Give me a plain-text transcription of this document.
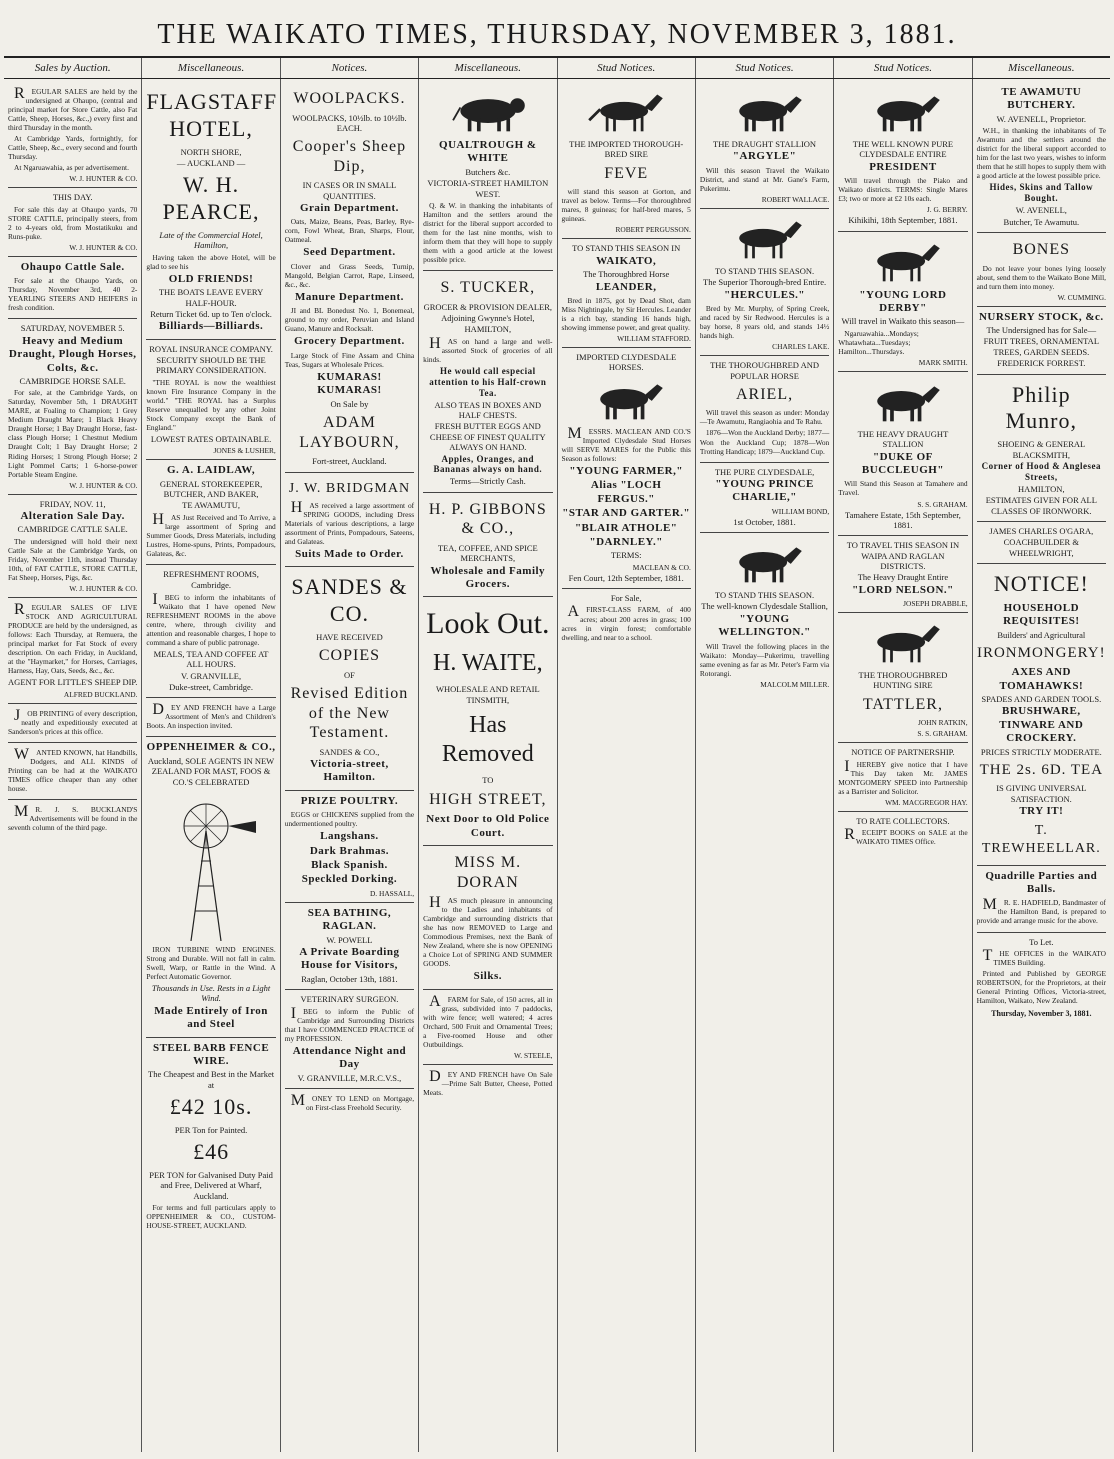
THE WAIKATO TIMES, THURSDAY, NOVEMBER 3, 1881.
Sales by Auction.	Miscellaneous.	Notices.	Miscellaneous.	Stud Notices.	Stud Notices.	Stud Notices.	Miscellaneous.

REGULAR SALES are held by the undersigned at Ohaupo, (central and principal market for Store Cattle, also Fat Cattle, Sheep, Horses, &c.,) every first and third Thursday in the month.

At Cambridge Yards, fortnightly, for Cattle, Sheep, &c., every second and fourth Thursday.

At Ngaruawahia, as per advertisement.

W. J. HUNTER & CO.
THIS DAY.

For sale this day at Ohaupo yards, 70 STORE CATTLE, principally steers, from 2 to 4-years old, from Mostatikuku and Runs-puke.

W. J. HUNTER & CO.
Ohaupo Cattle Sale.

For sale at the Ohaupo Yards, on Thursday, November 3rd, 40 2-YEARLING STEERS AND HEIFERS in fresh condition.

SATURDAY, NOVEMBER 5.
Heavy and Medium Draught, Plough Horses, Colts, &c.
CAMBRIDGE HORSE SALE.

For sale, at the Cambridge Yards, on Saturday, November 5th, 1 DRAUGHT MARE, at Foaling to Champion; 1 Grey Medium Draught Mare; 1 Black Heavy Draught Horse; 1 Bay Draught Horse, fast-class Plough Horse; 1 Chestnut Medium Draught Colt; 1 Bay Draught Horse; 2 Riding Horses; 1 Strong Plough Horse; 2 Light Pommel Carts; 1 6-horse-power Portable Steam Engine.

W. J. HUNTER & CO.
FRIDAY, NOV. 11,
Alteration Sale Day.
CAMBRIDGE CATTLE SALE.

The undersigned will hold their next Cattle Sale at the Cambridge Yards, on Friday, November 11th, instead Thursday 10th, of FAT CATTLE, STORE CATTLE, Fat Sheep, Horses, Pigs, &c.

W. J. HUNTER & CO.

REGULAR SALES OF LIVE STOCK AND AGRICULTURAL PRODUCE are held by the undersigned, as follows: Each Thursday, at Remuera, the principal market for Fat Stock of every description. On each Friday, in Auckland, at the "Haymarket," for Horses, Carriages, Harness, Hay, Oats, Seeds, &c., &c.

AGENT FOR LITTLE'S SHEEP DIP.
ALFRED BUCKLAND.

JOB PRINTING of every description, neatly and expeditiously executed at Sanderson's prices at this office.

WANTED KNOWN, hat Handbills, Dodgers, and ALL KINDS of Printing can be had at the WAIKATO TIMES office cheaper than any other house.

MR. J. S. BUCKLAND'S Advertisements will be found in the seventh column of the third page.

FLAGSTAFF HOTEL,
NORTH SHORE,
— AUCKLAND —
W. H. PEARCE,
Late of the Commercial Hotel, Hamilton,

Having taken the above Hotel, will be glad to see his

OLD FRIENDS!
THE BOATS LEAVE EVERY HALF-HOUR.
Return Ticket 6d. up to Ten o'clock.
Billiards—Billiards.
ROYAL INSURANCE COMPANY.
SECURITY SHOULD BE THE PRIMARY CONSIDERATION.

"THE ROYAL is now the wealthiest known Fire Insurance Company in the world." "THE ROYAL has a Surplus Reserve unequalled by any other Joint Stock Company except the Bank of England."

LOWEST RATES OBTAINABLE.
JONES & LUSHER,
G. A. LAIDLAW,
GENERAL STOREKEEPER, BUTCHER, AND BAKER,
TE AWAMUTU,

HAS Just Received and To Arrive, a large assortment of Spring and Summer Goods, Dress Materials, including Lustres, Home-spuns, Prints, Pompadours, Galateas, &c.

REFRESHMENT ROOMS,
Cambridge.

IBEG to inform the inhabitants of Waikato that I have opened New REFRESHMENT ROOMS in the above centre, where, through civility and attention and reasonable charges, I hope to command a share of public patronage.

MEALS, TEA AND COFFEE AT ALL HOURS.
V. GRANVILLE,
Duke-street, Cambridge.

DEY AND FRENCH have a Large Assortment of Men's and Children's Boots. An inspection invited.

OPPENHEIMER & CO.,
Auckland, SOLE AGENTS IN NEW ZEALAND FOR MAST, FOOS & CO.'S CELEBRATED

IRON TURBINE WIND ENGINES. Strong and Durable. Will not fall in calm. Swell, Warp, or Rattle in the Wind. A Perfect Automatic Governor.

Thousands in Use. Rests in a Light Wind.
Made Entirely of Iron and Steel
STEEL BARB FENCE WIRE.
The Cheapest and Best in the Market at
£42 10s.
PER Ton for Painted.
£46
PER TON for Galvanised Duty Paid and Free, Delivered at Wharf, Auckland.

For terms and full particulars apply to OPPENHEIMER & CO., CUSTOM-HOUSE-STREET, AUCKLAND.

WOOLPACKS.
WOOLPACKS, 10½lb. to 10½lb. EACH.
Cooper's Sheep Dip,
IN CASES OR IN SMALL QUANTITIES.
Grain Department.

Oats, Maize, Beans, Peas, Barley, Rye-corn, Fowl Wheat, Bran, Sharps, Flour, Oatmeal.

Seed Department.

Clover and Grass Seeds, Turnip, Mangold, Belgian Carrot, Rape, Linseed, &c., &c.

Manure Department.

JI and BL Bonedust No. 1, Bonemeal, ground to my order, Peruvian and Island Guano, Manure and Rocksalt.

Grocery Department.

Large Stock of Fine Assam and China Teas, Sugars at Wholesale Prices.

KUMARAS! KUMARAS!
On Sale by
ADAM LAYBOURN,
Fort-street, Auckland.
J. W. BRIDGMAN

HAS received a large assortment of SPRING GOODS, including Dress Materials of various descriptions, a large assortment of Prints, Pompadours, Sateens, and Galateas.

Suits Made to Order.
SANDES & CO.
HAVE RECEIVED
COPIES
OF
Revised Edition of the New Testament.
SANDES & CO.,
Victoria-street, Hamilton.
PRIZE POULTRY.

EGGS or CHICKENS supplied from the undermentioned poultry.

Langshans.
Dark Brahmas.
Black Spanish.
Speckled Dorking.
D. HASSALL,
SEA BATHING, RAGLAN.
W. POWELL
A Private Boarding House for Visitors,
Raglan, October 13th, 1881.
VETERINARY SURGEON.

IBEG to inform the Public of Cambridge and Surrounding Districts that I have COMMENCED PRACTICE of my PROFESSION.

Attendance Night and Day
V. GRANVILLE, M.R.C.V.S.,

MONEY TO LEND on Mortgage, on First-class Freehold Security.

QUALTROUGH & WHITE
Butchers &c.
VICTORIA-STREET HAMILTON WEST.

Q. & W. in thanking the inhabitants of Hamilton and the settlers around the district for the liberal support accorded to them for the last nine months, wish to inform them that they will hope to supply them with a good article at the lowest possible price.

S. TUCKER,
GROCER & PROVISION DEALER,
Adjoining Gwynne's Hotel,
HAMILTON,

HAS on hand a large and well-assorted Stock of groceries of all kinds.

He would call especial attention to his Half-crown Tea.
ALSO TEAS IN BOXES AND HALF CHESTS.
FRESH BUTTER EGGS AND CHEESE OF FINEST QUALITY ALWAYS ON HAND.
Apples, Oranges, and Bananas always on hand.
Terms—Strictly Cash.
H. P. GIBBONS & CO.,
TEA, COFFEE, AND SPICE MERCHANTS,
Wholesale and Family Grocers.
Look Out.
H. WAITE,
WHOLESALE AND RETAIL TINSMITH,
Has Removed
TO
HIGH STREET,
Next Door to Old Police Court.
MISS M. DORAN

HAS much pleasure in announcing to the Ladies and inhabitants of Cambridge and surrounding districts that she has now REMOVED to Large and Commodious Premises, next the Bank of New Zealand, where she is now OPENING a Choice Lot of SPRING AND SUMMER GOODS.

Silks.

AFARM for Sale, of 150 acres, all in grass, subdivided into 7 paddocks, with wire fence; well watered; 4 acres Orchard, 500 Fruit and Ornamental Trees; a Five-roomed House and other Outbuildings.

W. STEELE,

DEY AND FRENCH have On Sale—Prime Salt Butter, Cheese, Potted Meats.

THE IMPORTED THOROUGH-BRED SIRE
FEVE

will stand this season at Gorton, and travel as below. Terms—For thoroughbred mares, 8 guineas; for half-bred mares, 5 guineas.

ROBERT PERGUSSON.
TO STAND THIS SEASON IN
WAIKATO,
The Thoroughbred Horse
LEANDER,

Bred in 1875, got by Dead Shot, dam Miss Nightingale, by Sir Hercules. Leander is a rich bay, standing 16 hands high, showing immense power, and great quality.

WILLIAM STAFFORD.
IMPORTED CLYDESDALE HORSES.

MESSRS. MACLEAN AND CO.'S Imported Clydesdale Stud Horses will SERVE MARES for the Public this Season as follows:

"YOUNG FARMER,"
Alias "LOCH FERGUS."
"STAR AND GARTER."
"BLAIR ATHOLE"
"DARNLEY."
TERMS:
MACLEAN & CO.
Fen Court, 12th September, 1881.
For Sale,

AFIRST-CLASS FARM, of 400 acres; about 200 acres in grass; 100 acres in virgin forest; comfortable dwelling, and near to a school.

THE DRAUGHT STALLION
"ARGYLE"

Will this season Travel the Waikato District, and stand at Mr. Gane's Farm, Pukerimu.

ROBERT WALLACE.
TO STAND THIS SEASON.
The Superior Thorough-bred Entire.
"HERCULES."

Bred by Mr. Murphy, of Spring Creek, and raced by Sir Redwood. Hercules is a bay horse, 8 years old, and stands 14½ hands high.

CHARLES LAKE.
THE THOROUGHBRED AND POPULAR HORSE
ARIEL,

Will travel this season as under: Monday—Te Awamutu, Rangiaohia and Te Rahu.

1876—Won the Auckland Derby; 1877—Won the Auckland Cup; 1878—Won Trotting Handicap; 1879—Auckland Cup.

THE PURE CLYDESDALE,
"YOUNG PRINCE CHARLIE,"
WILLIAM BOND,
1st October, 1881.
TO STAND THIS SEASON.
The well-known Clydesdale Stallion,
"YOUNG WELLINGTON."

Will Travel the following places in the Waikato: Monday—Pukerimu, travelling same evening as far as Mr. Peter's Farm via Rotorangi.

MALCOLM MILLER.
THE WELL KNOWN PURE CLYDESDALE ENTIRE
PRESIDENT

Will travel through the Piako and Waikato districts. TERMS: Single Mares £3; two or more at £2 10s each.

J. G. BERRY.
Kihikihi, 18th September, 1881.
"YOUNG LORD DERBY"
Will travel in Waikato this season—

Ngaruawahia...Mondays; Whatawhata...Tuesdays; Hamilton...Thursdays.

MARK SMITH.
THE HEAVY DRAUGHT STALLION
"DUKE OF BUCCLEUGH"

Will Stand this Season at Tamahere and Travel.

S. S. GRAHAM.
Tamahere Estate, 15th September, 1881.
TO TRAVEL THIS SEASON IN WAIPA AND RAGLAN DISTRICTS.
The Heavy Draught Entire
"LORD NELSON."
JOSEPH DRABBLE,
THE THOROUGHBRED HUNTING SIRE
TATTLER,
JOHN RATKIN,
S. S. GRAHAM.
NOTICE OF PARTNERSHIP.

IHEREBY give notice that I have This Day taken Mr. JAMES MONTGOMERY SPEED into Partnership as a Barrister and Solicitor.

WM. MACGREGOR HAY.
TO RATE COLLECTORS.

RECEIPT BOOKS on SALE at the WAIKATO TIMES Office.

TE AWAMUTU BUTCHERY.
W. AVENELL, Proprietor.

W.H., in thanking the inhabitants of Te Awamutu and the settlers around the district for the liberal support accorded to him for the last two years, wishes to inform them that he still hopes to supply them with a good article at the lowest possible price.

Hides, Skins and Tallow Bought.
W. AVENELL,
Butcher, Te Awamutu.
BONES

Do not leave your bones lying loosely about, send them to the Waikato Bone Mill, and turn them into money.

W. CUMMING.
NURSERY STOCK, &c.
The Undersigned has for Sale—
FRUIT TREES, ORNAMENTAL TREES, GARDEN SEEDS.
FREDERICK FORREST.
Philip Munro,
SHOEING & GENERAL BLACKSMITH,
Corner of Hood & Anglesea Streets,
HAMILTON,
ESTIMATES GIVEN FOR ALL CLASSES OF IRONWORK.
JAMES CHARLES O'GARA,
COACHBUILDER & WHEELWRIGHT,
NOTICE!
HOUSEHOLD REQUISITES!
Builders' and Agricultural
IRONMONGERY!
AXES AND TOMAHAWKS!
SPADES AND GARDEN TOOLS.
BRUSHWARE, TINWARE AND CROCKERY.
PRICES STRICTLY MODERATE.
THE 2s. 6D. TEA
IS GIVING UNIVERSAL SATISFACTION.
TRY IT!
T. TREWHEELLAR.
Quadrille Parties and Balls.

MR. E. HADFIELD, Bandmaster of the Hamilton Band, is prepared to provide and arrange music for the above.

To Let.

THE OFFICES in the WAIKATO TIMES Building.

Printed and Published by GEORGE ROBERTSON, for the Proprietors, at their General Printing Offices, Victoria-street, Hamilton, Waikato, New Zealand.

Thursday, November 3, 1881.
